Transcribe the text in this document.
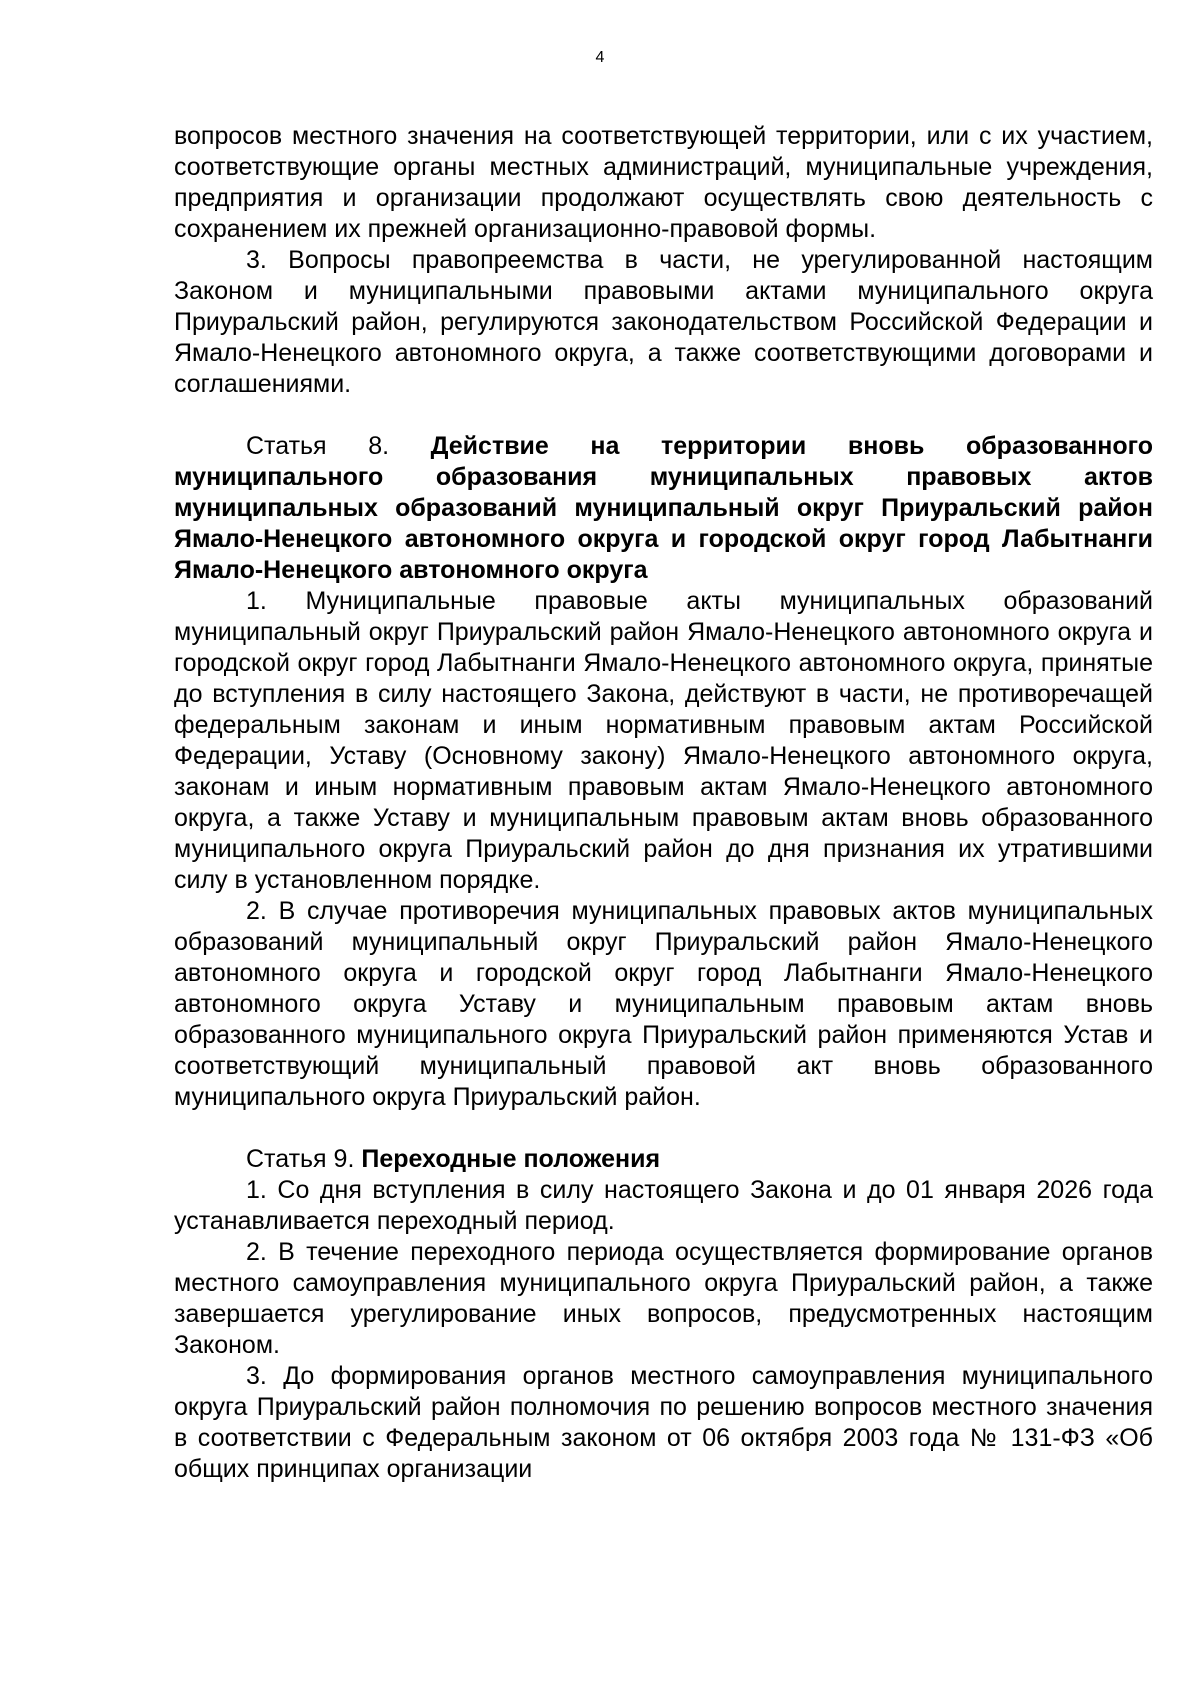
4

вопросов местного значения на соответствующей территории, или с их участием, соответствующие органы местных администраций, муниципальные учреждения, предприятия и организации продолжают осуществлять свою деятельность с сохранением их прежней организационно-правовой формы.

3. Вопросы правопреемства в части, не урегулированной настоящим Законом и муниципальными правовыми актами муниципального округа Приуральский район, регулируются законодательством Российской Федерации и Ямало-Ненецкого автономного округа, а также соответствующими договорами и соглашениями.

Статья 8. Действие на территории вновь образованного муниципального образования муниципальных правовых актов муниципальных образований муниципальный округ Приуральский район Ямало-Ненецкого автономного округа и городской округ город Лабытнанги Ямало-Ненецкого автономного округа

1. Муниципальные правовые акты муниципальных образований муниципальный округ Приуральский район Ямало-Ненецкого автономного округа и городской округ город Лабытнанги Ямало-Ненецкого автономного округа, принятые до вступления в силу настоящего Закона, действуют в части, не противоречащей федеральным законам и иным нормативным правовым актам Российской Федерации, Уставу (Основному закону) Ямало-Ненецкого автономного округа, законам и иным нормативным правовым актам Ямало-Ненецкого автономного округа, а также Уставу и муниципальным правовым актам вновь образованного муниципального округа Приуральский район до дня признания их утратившими силу в установленном порядке.

2. В случае противоречия муниципальных правовых актов муниципальных образований муниципальный округ Приуральский район Ямало-Ненецкого автономного округа и городской округ город Лабытнанги Ямало-Ненецкого автономного округа Уставу и муниципальным правовым актам вновь образованного муниципального округа Приуральский район применяются Устав и соответствующий муниципальный правовой акт вновь образованного муниципального округа Приуральский район.

Статья 9. Переходные положения

1. Со дня вступления в силу настоящего Закона и до 01 января 2026 года устанавливается переходный период.

2. В течение переходного периода осуществляется формирование органов местного самоуправления муниципального округа Приуральский район, а также завершается урегулирование иных вопросов, предусмотренных настоящим Законом.

3. До формирования органов местного самоуправления муниципального округа Приуральский район полномочия по решению вопросов местного значения в соответствии с Федеральным законом от 06 октября 2003 года № 131-ФЗ «Об общих принципах организации
